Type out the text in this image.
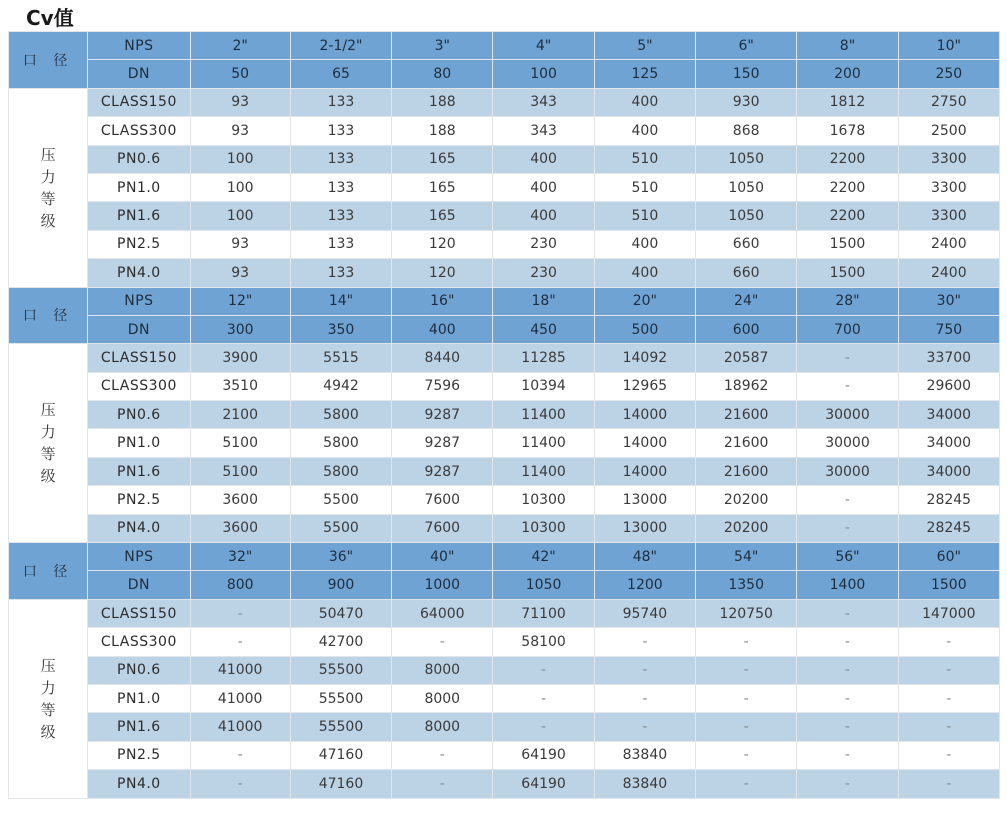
Cv值
口 径	NPS	2"	2-1/2"	3"	4"	5"	6"	8"	10"
	DN	50	65	80	100	125	150	200	250
压
力
等
级	CLASS150	93	133	188	343	400	930	1812	2750
	CLASS300	93	133	188	343	400	868	1678	2500
	PN0.6	100	133	165	400	510	1050	2200	3300
	PN1.0	100	133	165	400	510	1050	2200	3300
	PN1.6	100	133	165	400	510	1050	2200	3300
	PN2.5	93	133	120	230	400	660	1500	2400
	PN4.0	93	133	120	230	400	660	1500	2400
口 径	NPS	12"	14"	16"	18"	20"	24"	28"	30"
	DN	300	350	400	450	500	600	700	750
压
力
等
级	CLASS150	3900	5515	8440	11285	14092	20587	-	33700
	CLASS300	3510	4942	7596	10394	12965	18962	-	29600
	PN0.6	2100	5800	9287	11400	14000	21600	30000	34000
	PN1.0	5100	5800	9287	11400	14000	21600	30000	34000
	PN1.6	5100	5800	9287	11400	14000	21600	30000	34000
	PN2.5	3600	5500	7600	10300	13000	20200	-	28245
	PN4.0	3600	5500	7600	10300	13000	20200	-	28245
口 径	NPS	32"	36"	40"	42"	48"	54"	56"	60"
	DN	800	900	1000	1050	1200	1350	1400	1500
压
力
等
级	CLASS150	-	50470	64000	71100	95740	120750	-	147000
	CLASS300	-	42700	-	58100	-	-	-	-
	PN0.6	41000	55500	8000	-	-	-	-	-
	PN1.0	41000	55500	8000	-	-	-	-	-
	PN1.6	41000	55500	8000	-	-	-	-	-
	PN2.5	-	47160	-	64190	83840	-	-	-
	PN4.0	-	47160	-	64190	83840	-	-	-
